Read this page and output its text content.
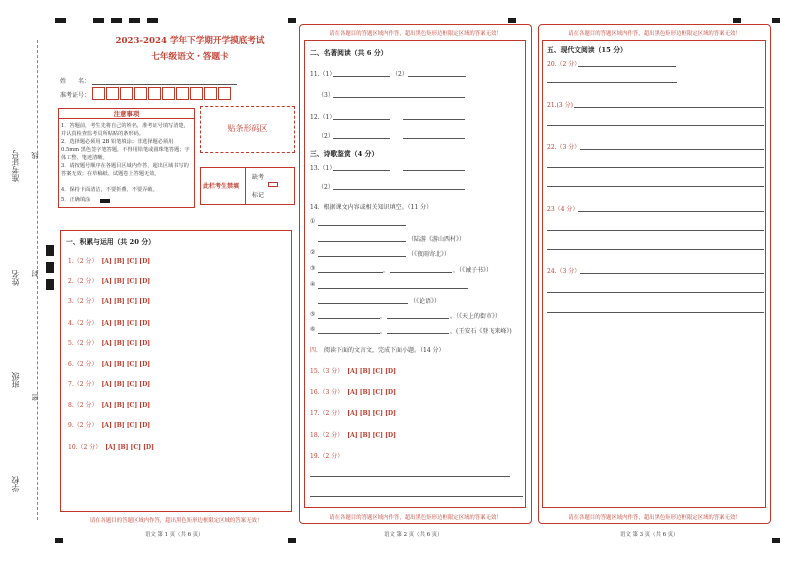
准考证号
姓名
班级
学校
线
封
密
2023-2024 学年下学期开学摸底考试
七年级语文・答题卡
姓　　名：
准考证号：
注意事项
1．答题前，考生先将自己的姓名，准考证号填写清楚，并认真检查监考员所粘贴的条形码。
2．选择题必须用 2B 铅笔填涂；非选择题必须用 0.5mm 黑色签字笔答题，不得用铅笔或圆珠笔答题；字体工整、笔迹清晰。
3．请按题号顺序在各题目区域内作答，超出区域书写的答案无效；在草稿纸、试题卷上答题无效。
4．保持卡面清洁，不要折叠、不要弄破。
5．正确填涂
贴条形码区
此栏考生禁填
缺考
标记
一、积累与运用（共 20 分）
1.（2 分） [A] [B] [C] [D]
2.（2 分） [A] [B] [C] [D]
3.（2 分） [A] [B] [C] [D]
4.（2 分） [A] [B] [C] [D]
5.（2 分） [A] [B] [C] [D]
6.（2 分） [A] [B] [C] [D]
7.（2 分） [A] [B] [C] [D]
8.（2 分） [A] [B] [C] [D]
9.（2 分） [A] [B] [C] [D]
10.（2 分） [A] [B] [C] [D]
请在各题目的答题区域内作答，超出黑色矩形边框限定区域的答案无效！
语文 第 1 页（共 6 页）
请在各题目的答题区域内作答，超出黑色矩形边框限定区域的答案无效！
二、名著阅读（共 6 分）
11.（1）	（2）
（3）
12.（1）
（2）
三、诗歌鉴赏（4 分）
13.（1）
（2）
14．根据课文内容或相关知识填空。（11 分）
①
（陆游《游山西村》）
②	（《夜雨寄北》）
③	，	，（《诫子书》）
④
（《论语》）
⑤	，	。（《天上的街市》）
⑥	，	，(王安石《登飞来峰》)
四． 阅读下面的文言文，完成下面小题。（14 分）
15.（3 分） [A] [B] [C] [D]
16.（3 分） [A] [B] [C] [D]
17.（2 分） [A] [B] [C] [D]
18.（2 分） [A] [B] [C] [D]
19.（2 分）
请在各题目的答题区域内作答，超出黑色矩形边框限定区域的答案无效！
语文 第 2 页（共 6 页）
请在各题目的答题区域内作答，超出黑色矩形边框限定区域的答案无效！
五、现代文阅读（15 分）
20.（2 分）
21.(3 分)
22.（3 分）
23（4 分）
24.（3 分）
请在各题目的答题区域内作答，超出黑色矩形边框限定区域的答案无效！
语文 第 3 页（共 6 页）
